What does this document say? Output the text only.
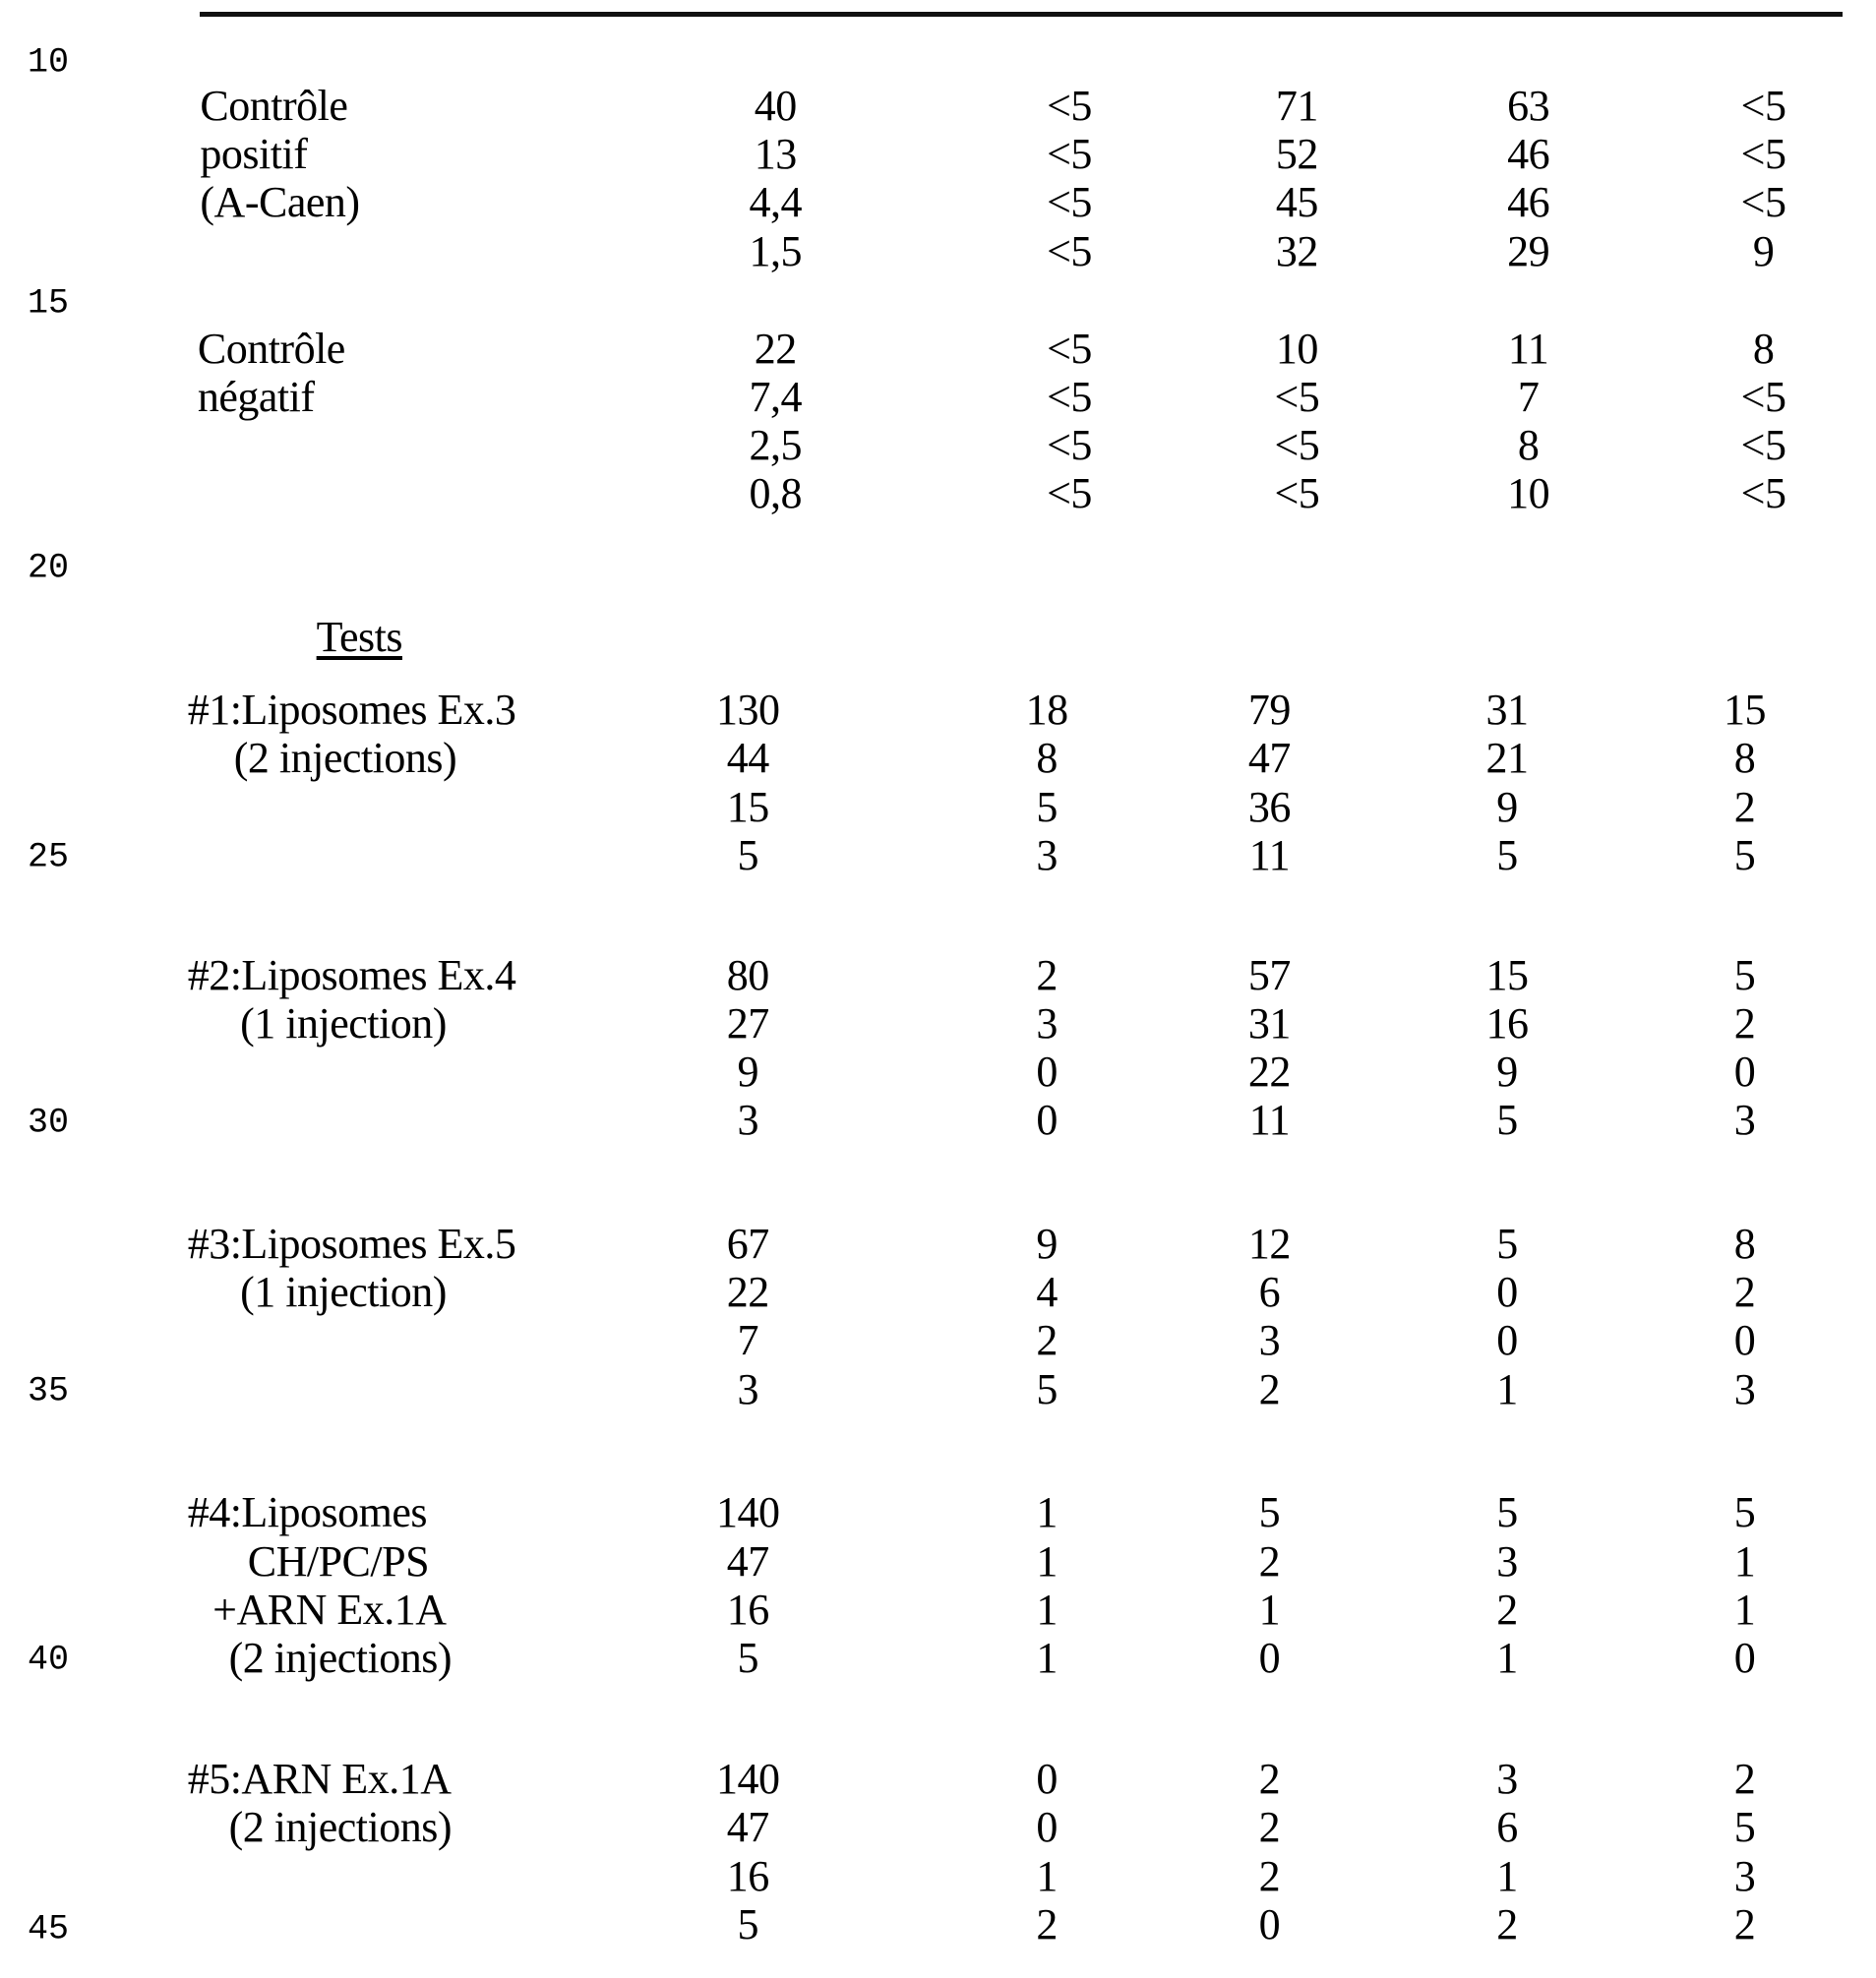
10
15
20
25
30
35
40
45
Tests
Contrôle
positif
(A-Caen)
40	<5	71	63	<5
13	<5	52	46	<5
4,4	<5	45	46	<5
1,5	<5	32	29	9
Contrôle
négatif
22	<5	10	11	8
7,4	<5	<5	7	<5
2,5	<5	<5	8	<5
0,8	<5	<5	10	<5
#1:Liposomes Ex.3
(2 injections)
130	18	79	31	15
44	8	47	21	8
15	5	36	9	2
5	3	11	5	5
#2:Liposomes Ex.4
(1 injection)
80	2	57	15	5
27	3	31	16	2
9	0	22	9	0
3	0	11	5	3
#3:Liposomes Ex.5
(1 injection)
67	9	12	5	8
22	4	6	0	2
7	2	3	0	0
3	5	2	1	3
#4:Liposomes
CH/PC/PS
+ARN Ex.1A
(2 injections)
140	1	5	5	5
47	1	2	3	1
16	1	1	2	1
5	1	0	1	0
#5:ARN Ex.1A
(2 injections)
140	0	2	3	2
47	0	2	6	5
16	1	2	1	3
5	2	0	2	2
